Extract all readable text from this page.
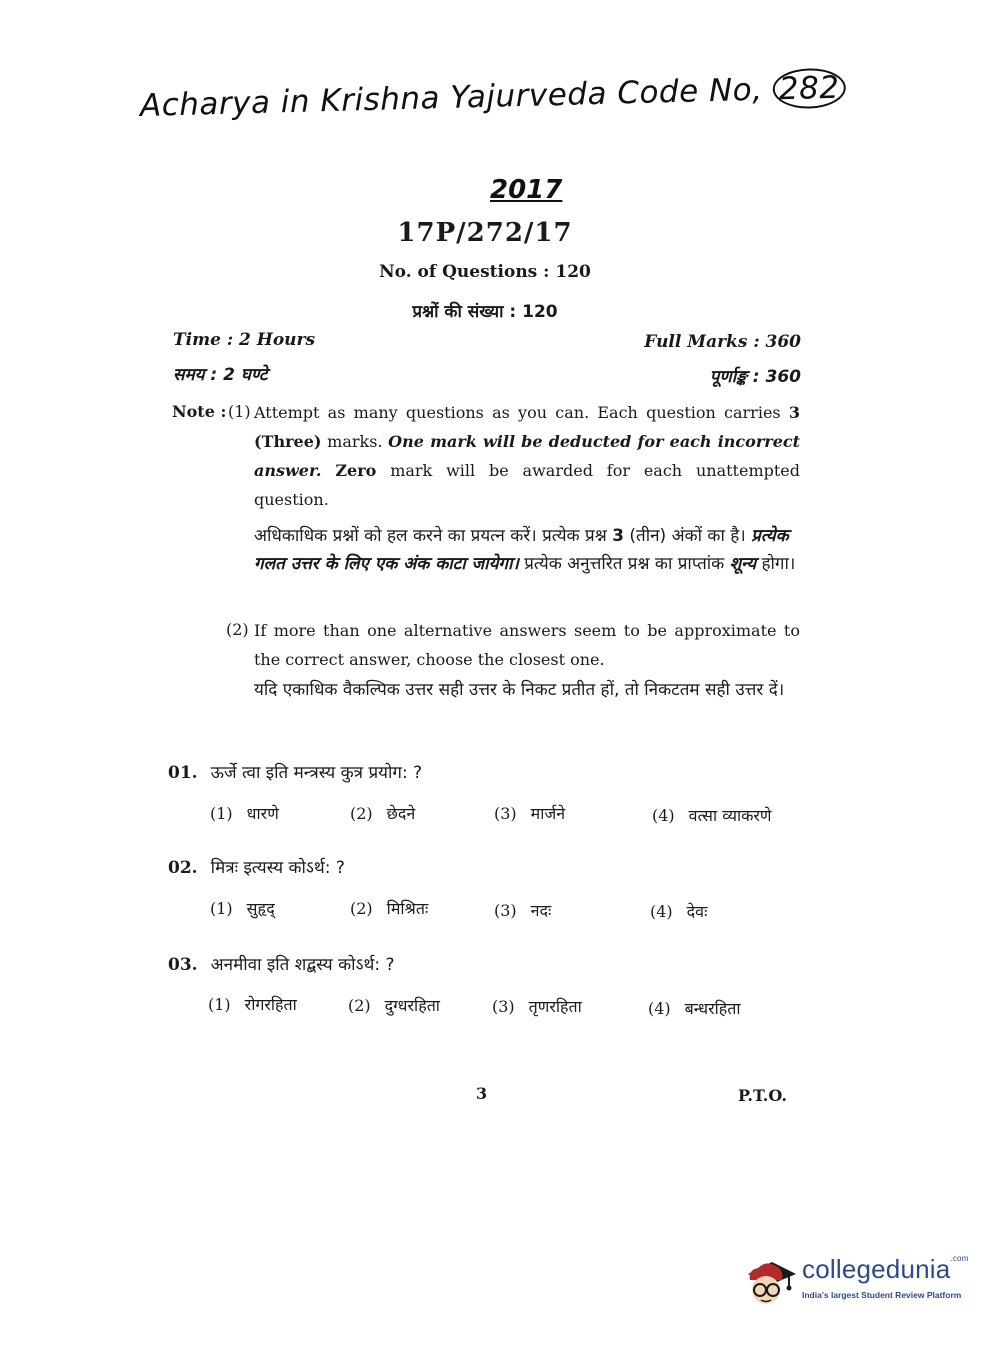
Acharya in Krishna Yajurveda Code No, 282
2017
17P/272/17
No. of Questions : 120
प्रश्नों की संख्या : 120
Time : 2 Hours
समय : 2 घण्टे
Full Marks : 360
पूर्णाङ्क : 360
Note : (1) Attempt as many questions as you can. Each question carries 3 (Three) marks. One mark will be deducted for each incorrect answer. Zero mark will be awarded for each unattempted question.
अधिकाधिक प्रश्नों को हल करने का प्रयत्न करें। प्रत्येक प्रश्न 3 (तीन) अंकों का है। प्रत्येक गलत उत्तर के लिए एक अंक काटा जायेगा। प्रत्येक अनुत्तरित प्रश्न का प्राप्तांक शून्य होगा।
(2) If more than one alternative answers seem to be approximate to the correct answer, choose the closest one.
यदि एकाधिक वैकल्पिक उत्तर सही उत्तर के निकट प्रतीत हों, तो निकटतम सही उत्तर दें।
01. ऊर्जे त्वा इति मन्त्रस्य कुत्र प्रयोग: ?
(1) धारणे	(2) छेदने	(3) मार्जने	(4) वत्सा व्याकरणे
02. मित्रः इत्यस्य कोऽर्थ: ?
(1) सुहृद्	(2) मिश्रितः	(3) नदः	(4) देवः
03. अनमीवा इति शद्बस्य कोऽर्थ: ?
(1) रोगरहिता	(2) दुग्धरहिता	(3) तृणरहिता	(4) बन्धरहिता
3	P.T.O.
collegedunia$^{.com}$
India's largest Student Review Platform
